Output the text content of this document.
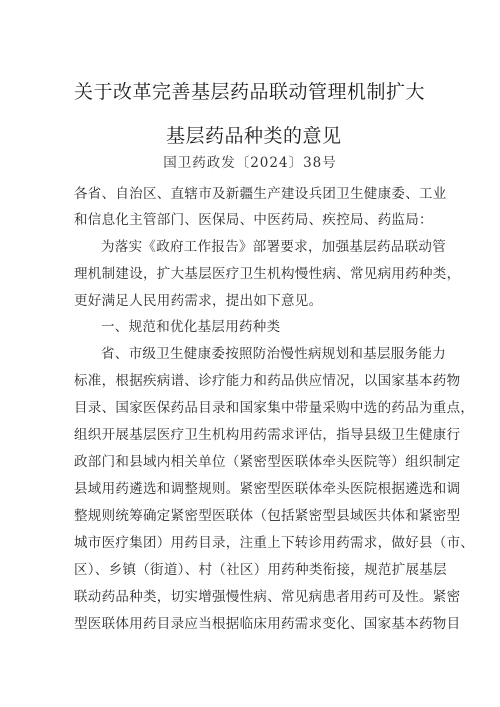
关于改革完善基层药品联动管理机制扩大
基层药品种类的意见
国卫药政发〔2024〕38号
各省、自治区、直辖市及新疆生产建设兵团卫生健康委、工业
和信息化主管部门、医保局、中医药局、疾控局、药监局：
为落实《政府工作报告》部署要求，加强基层药品联动管
理机制建设，扩大基层医疗卫生机构慢性病、常见病用药种类，
更好满足人民用药需求，提出如下意见。
一、规范和优化基层用药种类
省、市级卫生健康委按照防治慢性病规划和基层服务能力
标准，根据疾病谱、诊疗能力和药品供应情况，以国家基本药物
目录、国家医保药品目录和国家集中带量采购中选的药品为重点，
组织开展基层医疗卫生机构用药需求评估，指导县级卫生健康行
政部门和县域内相关单位（紧密型医联体牵头医院等）组织制定
县域用药遴选和调整规则。紧密型医联体牵头医院根据遴选和调
整规则统筹确定紧密型医联体（包括紧密型县域医共体和紧密型
城市医疗集团）用药目录，注重上下转诊用药需求，做好县（市、
区）、乡镇（街道）、村（社区）用药种类衔接，规范扩展基层
联动药品种类，切实增强慢性病、常见病患者用药可及性。紧密
型医联体用药目录应当根据临床用药需求变化、国家基本药物目
